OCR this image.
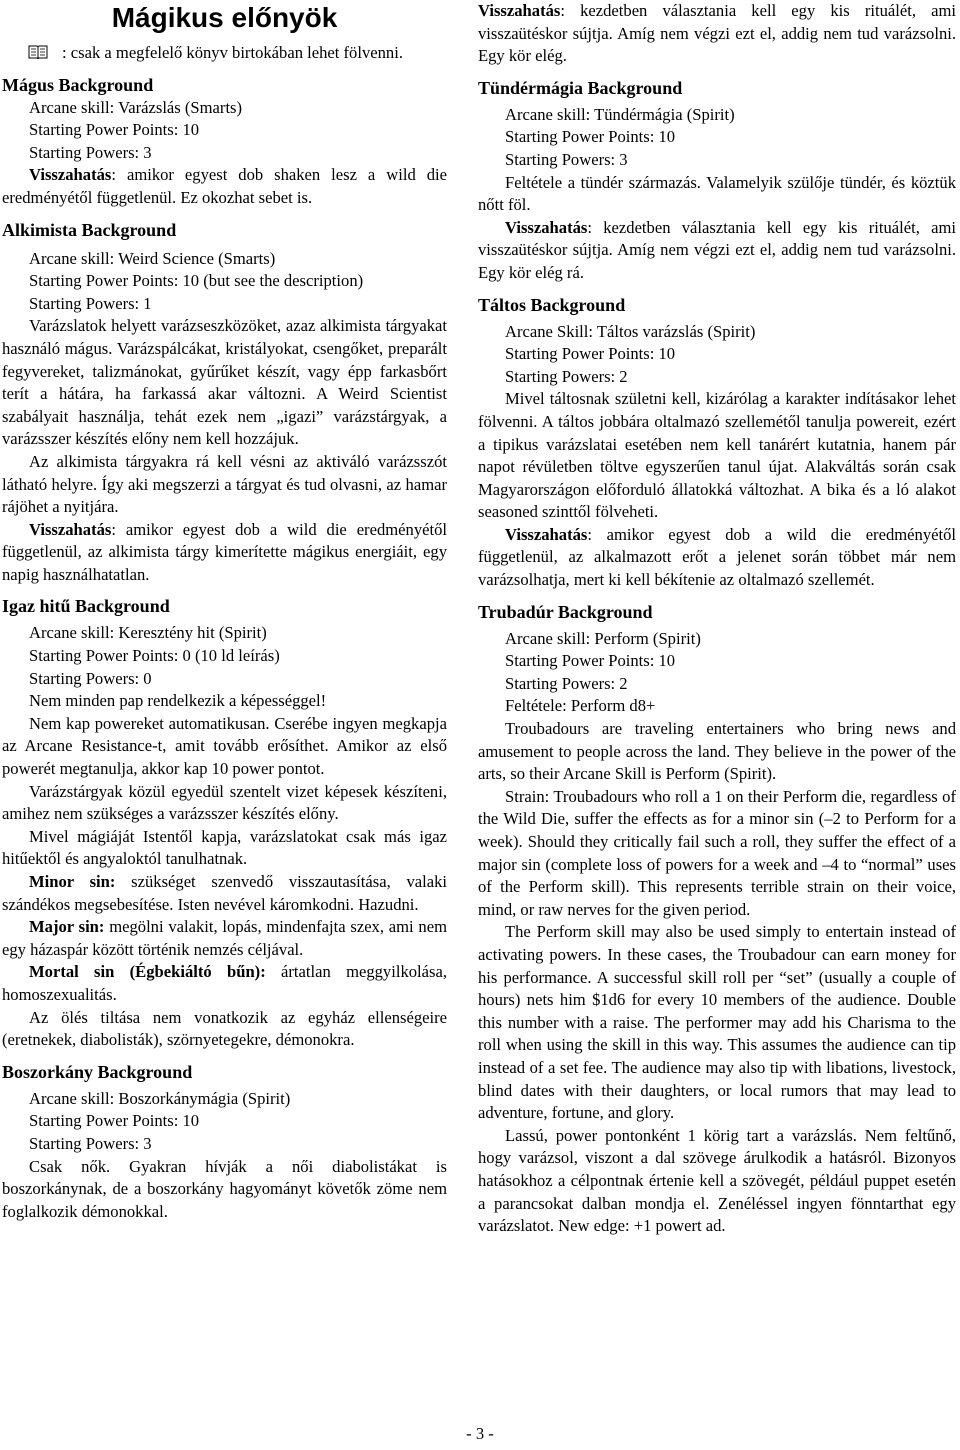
Mágikus előnyök

: csak a megfelelő könyv birtokában lehet fölvenni.

Mágus Background

Arcane skill: Varázslás (Smarts)

Starting Power Points: 10

Starting Powers: 3

Visszahatás: amikor egyest dob shaken lesz a wild die eredményétől függetlenül. Ez okozhat sebet is.

Alkimista Background

Arcane skill: Weird Science (Smarts)

Starting Power Points: 10 (but see the description)

Starting Powers: 1

Varázslatok helyett varázseszközöket, azaz alkimista tárgyakat használó mágus. Varázspálcákat, kristályokat, csengőket, preparált fegyvereket, talizmánokat, gyűrűket készít, vagy épp farkasbőrt terít a hátára, ha farkassá akar változni. A Weird Scientist szabályait használja, tehát ezek nem „igazi” varázstárgyak, a varázsszer készítés előny nem kell hozzájuk.

Az alkimista tárgyakra rá kell vésni az aktiváló varázsszót látható helyre. Így aki megszerzi a tárgyat és tud olvasni, az hamar rájöhet a nyitjára.

Visszahatás: amikor egyest dob a wild die eredményétől függetlenül, az alkimista tárgy kimerítette mágikus energiáit, egy napig használhatatlan.

Igaz hitű Background

Arcane skill: Keresztény hit (Spirit)

Starting Power Points: 0 (10 ld leírás)

Starting Powers: 0

Nem minden pap rendelkezik a képességgel!

Nem kap powereket automatikusan. Cserébe ingyen megkapja az Arcane Resistance-t, amit tovább erősíthet. Amikor az első powerét megtanulja, akkor kap 10 power pontot.

Varázstárgyak közül egyedül szentelt vizet képesek készíteni, amihez nem szükséges a varázsszer készítés előny.

Mivel mágiáját Istentől kapja, varázslatokat csak más igaz hitűektől és angyaloktól tanulhatnak.

Minor sin: szükséget szenvedő visszautasítása, valaki szándékos megsebesítése. Isten nevével káromkodni. Hazudni.

Major sin: megölni valakit, lopás, mindenfajta szex, ami nem egy házaspár között történik nemzés céljával.

Mortal sin (Égbekiáltó bűn): ártatlan meggyilkolása, homoszexualitás.

Az ölés tiltása nem vonatkozik az egyház ellenségeire (eretnekek, diabolisták), szörnyetegekre, démonokra.

Boszorkány Background

Arcane skill: Boszorkánymágia (Spirit)

Starting Power Points: 10

Starting Powers: 3

Csak nők. Gyakran hívják a női diabolistákat is boszorkánynak, de a boszorkány hagyományt követők zöme nem foglalkozik démonokkal.

Visszahatás: kezdetben választania kell egy kis rituálét, ami visszaütéskor sújtja. Amíg nem végzi ezt el, addig nem tud varázsolni. Egy kör elég.

Tündérmágia Background

Arcane skill: Tündérmágia (Spirit)

Starting Power Points: 10

Starting Powers: 3

Feltétele a tündér származás. Valamelyik szülője tündér, és köztük nőtt föl.

Visszahatás: kezdetben választania kell egy kis rituálét, ami visszaütéskor sújtja. Amíg nem végzi ezt el, addig nem tud varázsolni. Egy kör elég rá.

Táltos Background

Arcane Skill: Táltos varázslás (Spirit)

Starting Power Points: 10

Starting Powers: 2

Mivel táltosnak születni kell, kizárólag a karakter indításakor lehet fölvenni. A táltos jobbára oltalmazó szellemétől tanulja powereit, ezért a tipikus varázslatai esetében nem kell tanárért kutatnia, hanem pár napot révületben töltve egyszerűen tanul újat. Alakváltás során csak Magyarországon előforduló állatokká változhat. A bika és a ló alakot seasoned szinttől fölveheti.

Visszahatás: amikor egyest dob a wild die eredményétől függetlenül, az alkalmazott erőt a jelenet során többet már nem varázsolhatja, mert ki kell békítenie az oltalmazó szellemét.

Trubadúr Background

Arcane skill: Perform (Spirit)

Starting Power Points: 10

Starting Powers: 2

Feltétele: Perform d8+

Troubadours are traveling entertainers who bring news and amusement to people across the land. They believe in the power of the arts, so their Arcane Skill is Perform (Spirit).

Strain: Troubadours who roll a 1 on their Perform die, regardless of the Wild Die, suffer the effects as for a minor sin (–2 to Perform for a week). Should they critically fail such a roll, they suffer the effect of a major sin (complete loss of powers for a week and –4 to “normal” uses of the Perform skill). This represents terrible strain on their voice, mind, or raw nerves for the given period.

The Perform skill may also be used simply to entertain instead of activating powers. In these cases, the Troubadour can earn money for his performance. A successful skill roll per “set” (usually a couple of hours) nets him $1d6 for every 10 members of the audience. Double this number with a raise. The performer may add his Charisma to the roll when using the skill in this way. This assumes the audience can tip instead of a set fee. The audience may also tip with libations, livestock, blind dates with their daughters, or local rumors that may lead to adventure, fortune, and glory.

Lassú, power pontonként 1 körig tart a varázslás. Nem feltűnő, hogy varázsol, viszont a dal szövege árulkodik a hatásról. Bizonyos hatásokhoz a célpontnak értenie kell a szövegét, például puppet esetén a parancsokat dalban mondja el. Zenéléssel ingyen fönntarthat egy varázslatot. New edge: +1 powert ad.

- 3 -
